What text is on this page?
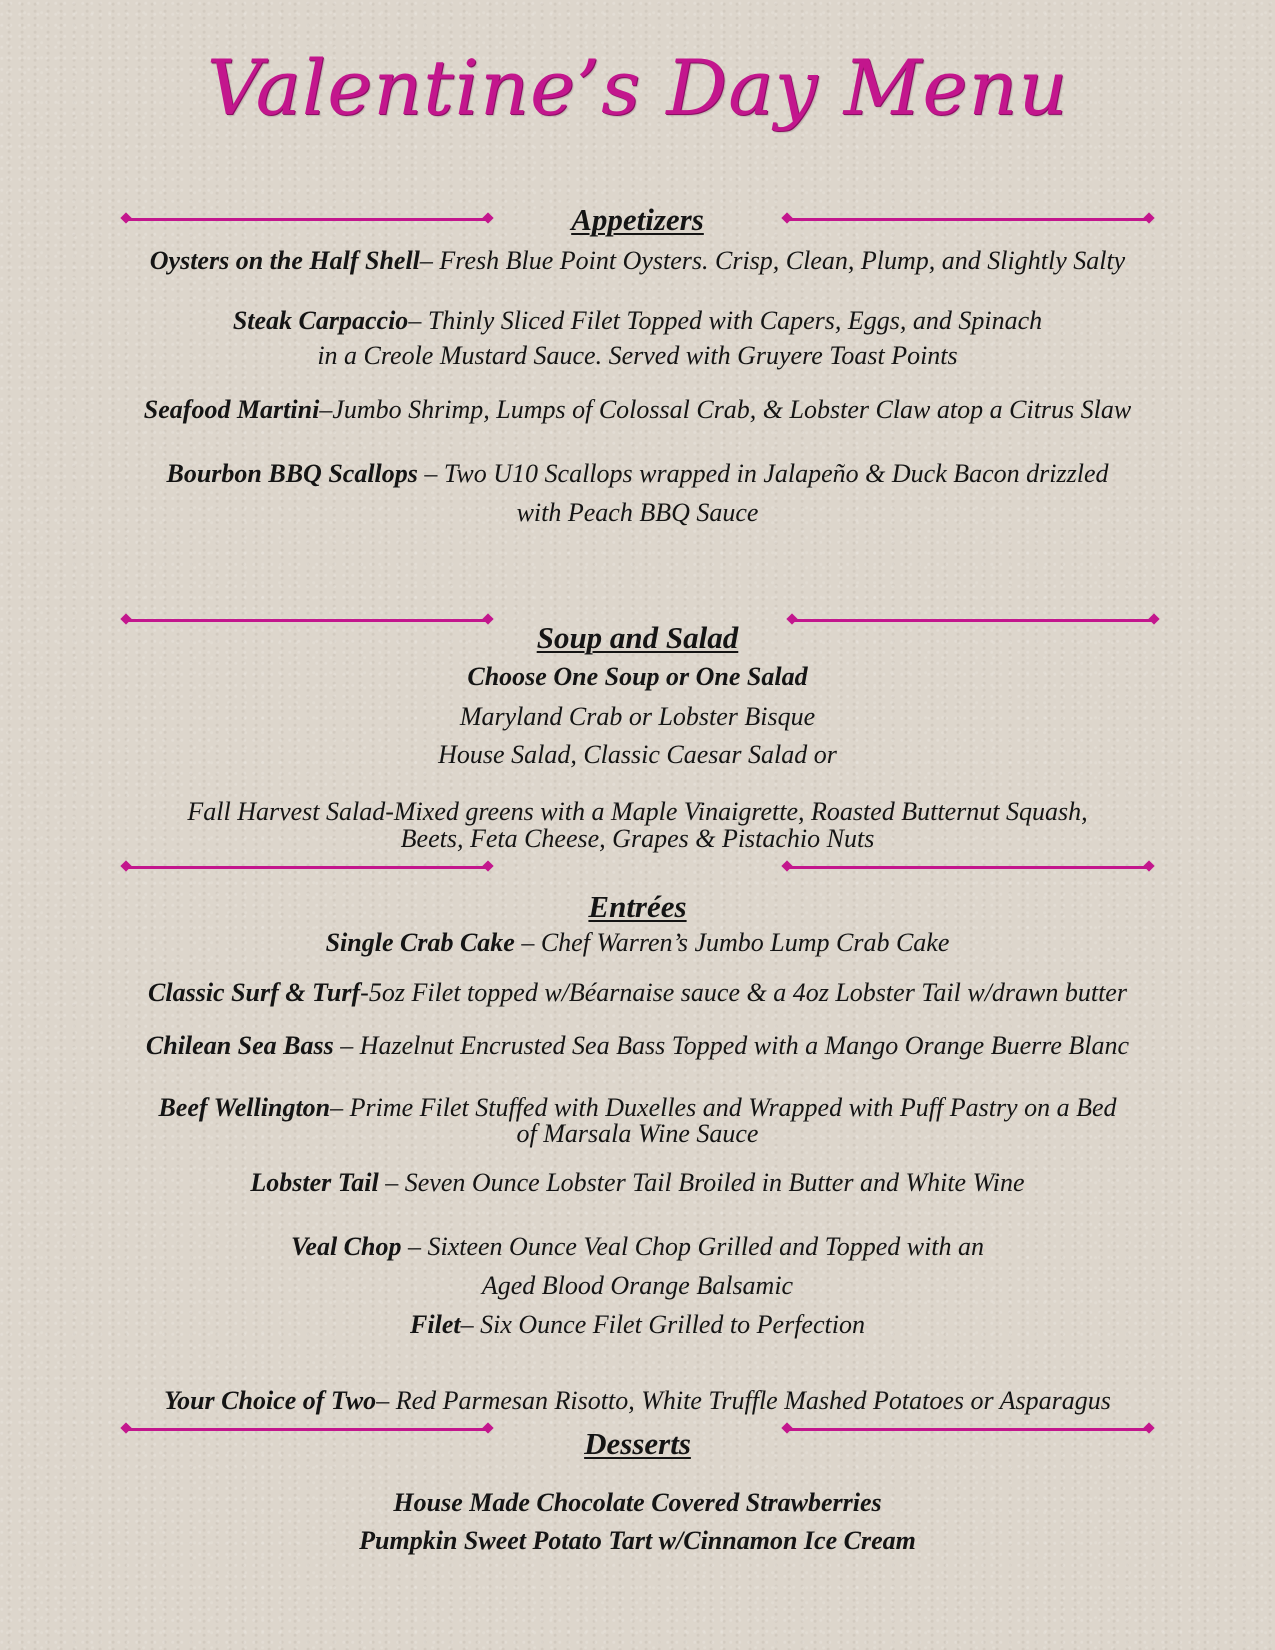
Valentine’s Day Menu
Appetizers
Oysters on the Half Shell– Fresh Blue Point Oysters. Crisp, Clean, Plump, and Slightly Salty
Steak Carpaccio– Thinly Sliced Filet Topped with Capers, Eggs, and Spinach
in a Creole Mustard Sauce. Served with Gruyere Toast Points
Seafood Martini–Jumbo Shrimp, Lumps of Colossal Crab, & Lobster Claw atop a Citrus Slaw
Bourbon BBQ Scallops – Two U10 Scallops wrapped in Jalapeño & Duck Bacon drizzled
with Peach BBQ Sauce
Soup and Salad
Choose One Soup or One Salad
Maryland Crab or Lobster Bisque
House Salad, Classic Caesar Salad or
Fall Harvest Salad-Mixed greens with a Maple Vinaigrette, Roasted Butternut Squash,
Beets, Feta Cheese, Grapes & Pistachio Nuts
Entrées
Single Crab Cake – Chef Warren’s Jumbo Lump Crab Cake
Classic Surf & Turf-5oz Filet topped w/Béarnaise sauce & a 4oz Lobster Tail w/drawn butter
Chilean Sea Bass – Hazelnut Encrusted Sea Bass Topped with a Mango Orange Buerre Blanc
Beef Wellington– Prime Filet Stuffed with Duxelles and Wrapped with Puff Pastry on a Bed
of Marsala Wine Sauce
Lobster Tail – Seven Ounce Lobster Tail Broiled in Butter and White Wine
Veal Chop – Sixteen Ounce Veal Chop Grilled and Topped with an
Aged Blood Orange Balsamic
Filet– Six Ounce Filet Grilled to Perfection
Your Choice of Two– Red Parmesan Risotto, White Truffle Mashed Potatoes or Asparagus
Desserts
House Made Chocolate Covered Strawberries
Pumpkin Sweet Potato Tart w/Cinnamon Ice Cream
